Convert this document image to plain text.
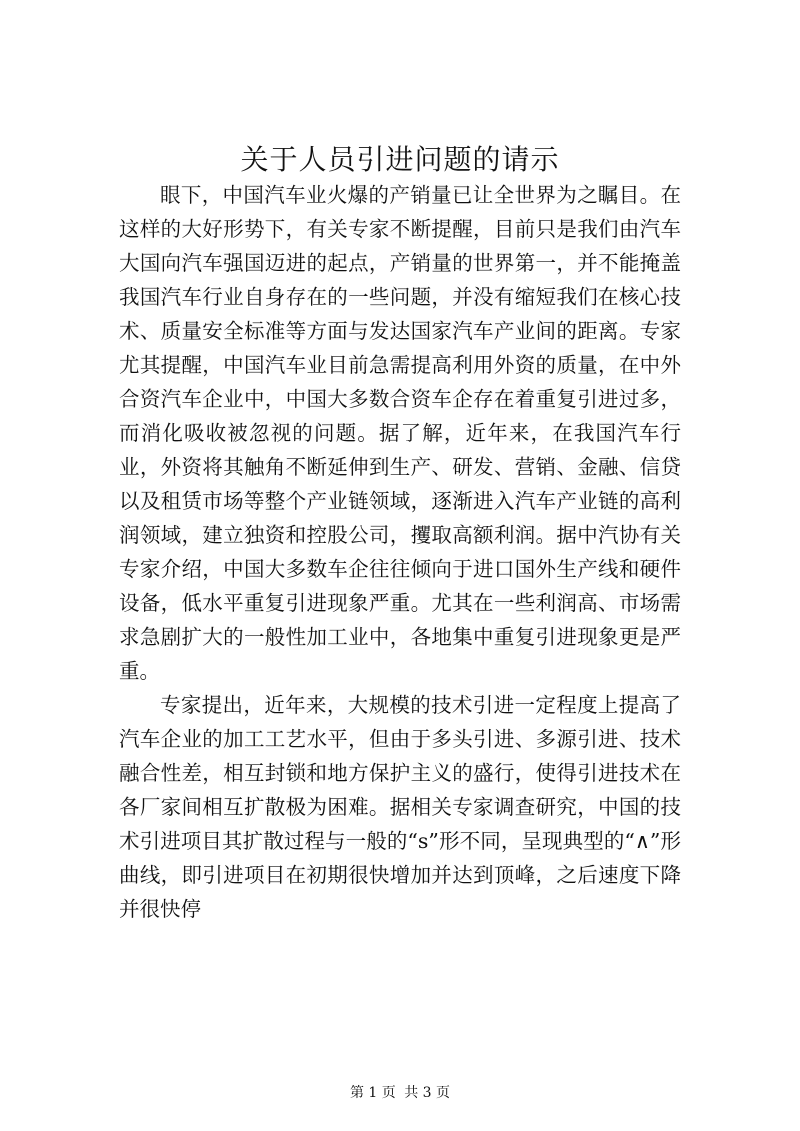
关于人员引进问题的请示

眼下，中国汽车业火爆的产销量已让全世界为之瞩目。在这样的大好形势下，有关专家不断提醒，目前只是我们由汽车大国向汽车强国迈进的起点，产销量的世界第一，并不能掩盖我国汽车行业自身存在的一些问题，并没有缩短我们在核心技术、质量安全标准等方面与发达国家汽车产业间的距离。专家尤其提醒，中国汽车业目前急需提高利用外资的质量，在中外合资汽车企业中，中国大多数合资车企存在着重复引进过多，而消化吸收被忽视的问题。据了解，近年来，在我国汽车行业，外资将其触角不断延伸到生产、研发、营销、金融、信贷以及租赁市场等整个产业链领域，逐渐进入汽车产业链的高利润领域，建立独资和控股公司，攫取高额利润。据中汽协有关专家介绍，中国大多数车企往往倾向于进口国外生产线和硬件设备，低水平重复引进现象严重。尤其在一些利润高、市场需求急剧扩大的一般性加工业中，各地集中重复引进现象更是严重。

专家提出，近年来，大规模的技术引进一定程度上提高了汽车企业的加工工艺水平，但由于多头引进、多源引进、技术融合性差，相互封锁和地方保护主义的盛行，使得引进技术在各厂家间相互扩散极为困难。据相关专家调查研究，中国的技术引进项目其扩散过程与一般的“s”形不同，呈现典型的“∧”形曲线，即引进项目在初期很快增加并达到顶峰，之后速度下降并很快停

第 1 页 共 3 页
